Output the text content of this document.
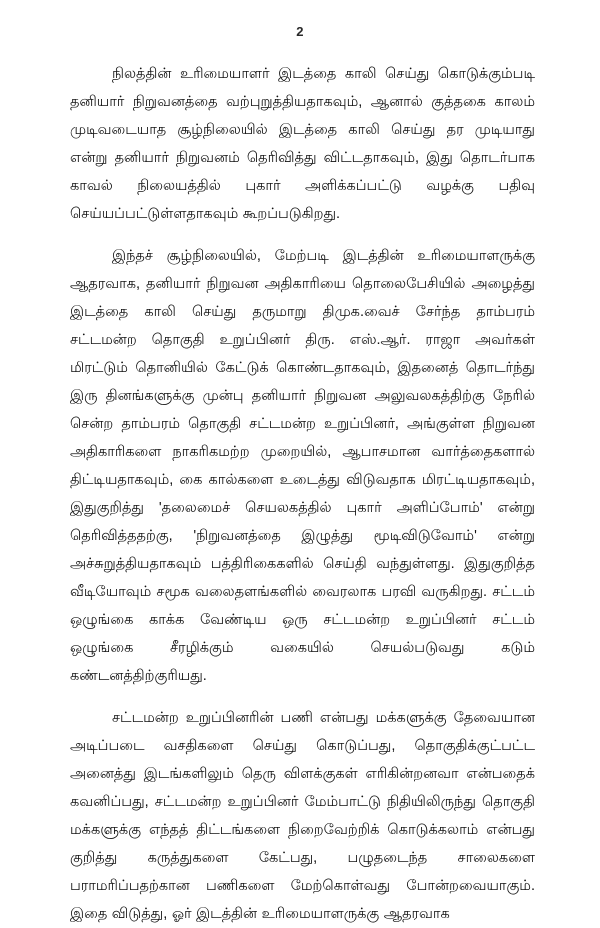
2

நிலத்தின் உரிமையாளர் இடத்தை காலி செய்து கொடுக்கும்படி தனியார் நிறுவனத்தை வற்புறுத்தியதாகவும், ஆனால் குத்தகை காலம் முடிவடையாத சூழ்நிலையில் இடத்தை காலி செய்து தர முடியாது என்று தனியார் நிறுவனம் தெரிவித்து விட்டதாகவும், இது தொடர்பாக காவல் நிலையத்தில் புகார் அளிக்கப்பட்டு வழக்கு பதிவு செய்யப்பட்டுள்ளதாகவும் கூறப்படுகிறது.

இந்தச் சூழ்நிலையில், மேற்படி இடத்தின் உரிமையாளருக்கு ஆதரவாக, தனியார் நிறுவன அதிகாரியை தொலைபேசியில் அழைத்து இடத்தை காலி செய்து தருமாறு திமுக.வைச் சேர்ந்த தாம்பரம் சட்டமன்ற தொகுதி உறுப்பினர் திரு. எஸ்.ஆர். ராஜா அவர்கள் மிரட்டும் தொனியில் கேட்டுக் கொண்டதாகவும், இதனைத் தொடர்ந்து இரு தினங்களுக்கு முன்பு தனியார் நிறுவன அலுவலகத்திற்கு நேரில் சென்ற தாம்பரம் தொகுதி சட்டமன்ற உறுப்பினர், அங்குள்ள நிறுவன அதிகாரிகளை நாகரிகமற்ற முறையில், ஆபாசமான வார்த்தைகளால் திட்டியதாகவும், கை கால்களை உடைத்து விடுவதாக மிரட்டியதாகவும், இதுகுறித்து 'தலைமைச் செயலகத்தில் புகார் அளிப்போம்' என்று தெரிவித்ததற்கு, 'நிறுவனத்தை இழுத்து மூடிவிடுவோம்' என்று அச்சுறுத்தியதாகவும் பத்திரிகைகளில் செய்தி வந்துள்ளது. இதுகுறித்த வீடியோவும் சமூக வலைதளங்களில் வைரலாக பரவி வருகிறது. சட்டம் ஒழுங்கை காக்க வேண்டிய ஒரு சட்டமன்ற உறுப்பினர் சட்டம் ஒழுங்கை சீரழிக்கும் வகையில் செயல்படுவது கடும் கண்டனத்திற்குரியது.

சட்டமன்ற உறுப்பினரின் பணி என்பது மக்களுக்கு தேவையான அடிப்படை வசதிகளை செய்து கொடுப்பது, தொகுதிக்குட்பட்ட அனைத்து இடங்களிலும் தெரு விளக்குகள் எரிகின்றனவா என்பதைக் கவனிப்பது, சட்டமன்ற உறுப்பினர் மேம்பாட்டு நிதியிலிருந்து தொகுதி மக்களுக்கு எந்தத் திட்டங்களை நிறைவேற்றிக் கொடுக்கலாம் என்பது குறித்து கருத்துகளை கேட்பது, பழுதடைந்த சாலைகளை பராமரிப்பதற்கான பணிகளை மேற்கொள்வது போன்றவையாகும். இதை விடுத்து, ஓர் இடத்தின் உரிமையாளருக்கு ஆதரவாக
